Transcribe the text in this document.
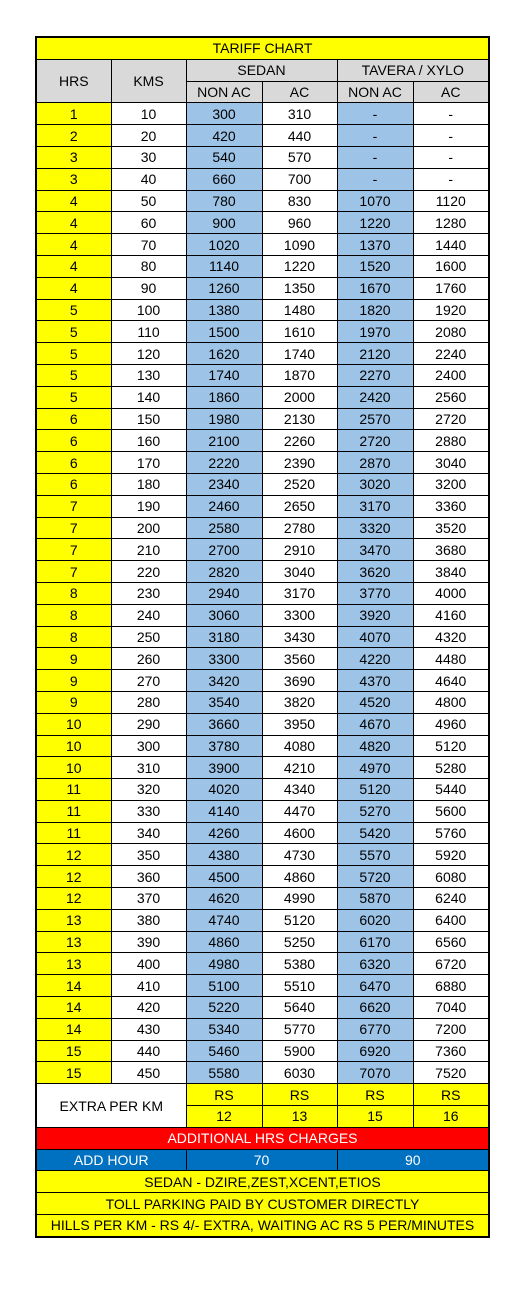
TARIFF CHART					
HRS	KMS	SEDAN		TAVERA / XYLO	
		NON AC	AC	NON AC	AC
1	10	300	310	-	-
2	20	420	440	-	-
3	30	540	570	-	-
3	40	660	700	-	-
4	50	780	830	1070	1120
4	60	900	960	1220	1280
4	70	1020	1090	1370	1440
4	80	1140	1220	1520	1600
4	90	1260	1350	1670	1760
5	100	1380	1480	1820	1920
5	110	1500	1610	1970	2080
5	120	1620	1740	2120	2240
5	130	1740	1870	2270	2400
5	140	1860	2000	2420	2560
6	150	1980	2130	2570	2720
6	160	2100	2260	2720	2880
6	170	2220	2390	2870	3040
6	180	2340	2520	3020	3200
7	190	2460	2650	3170	3360
7	200	2580	2780	3320	3520
7	210	2700	2910	3470	3680
7	220	2820	3040	3620	3840
8	230	2940	3170	3770	4000
8	240	3060	3300	3920	4160
8	250	3180	3430	4070	4320
9	260	3300	3560	4220	4480
9	270	3420	3690	4370	4640
9	280	3540	3820	4520	4800
10	290	3660	3950	4670	4960
10	300	3780	4080	4820	5120
10	310	3900	4210	4970	5280
11	320	4020	4340	5120	5440
11	330	4140	4470	5270	5600
11	340	4260	4600	5420	5760
12	350	4380	4730	5570	5920
12	360	4500	4860	5720	6080
12	370	4620	4990	5870	6240
13	380	4740	5120	6020	6400
13	390	4860	5250	6170	6560
13	400	4980	5380	6320	6720
14	410	5100	5510	6470	6880
14	420	5220	5640	6620	7040
14	430	5340	5770	6770	7200
15	440	5460	5900	6920	7360
15	450	5580	6030	7070	7520
EXTRA PER KM		RS	RS	RS	RS
		12	13	15	16
ADDITIONAL HRS CHARGES					
ADD HOUR		70		90	
SEDAN - DZIRE,ZEST,XCENT,ETIOS					
TOLL PARKING PAID BY CUSTOMER DIRECTLY					
HILLS PER KM - RS 4/- EXTRA, WAITING AC RS 5 PER/MINUTES					
